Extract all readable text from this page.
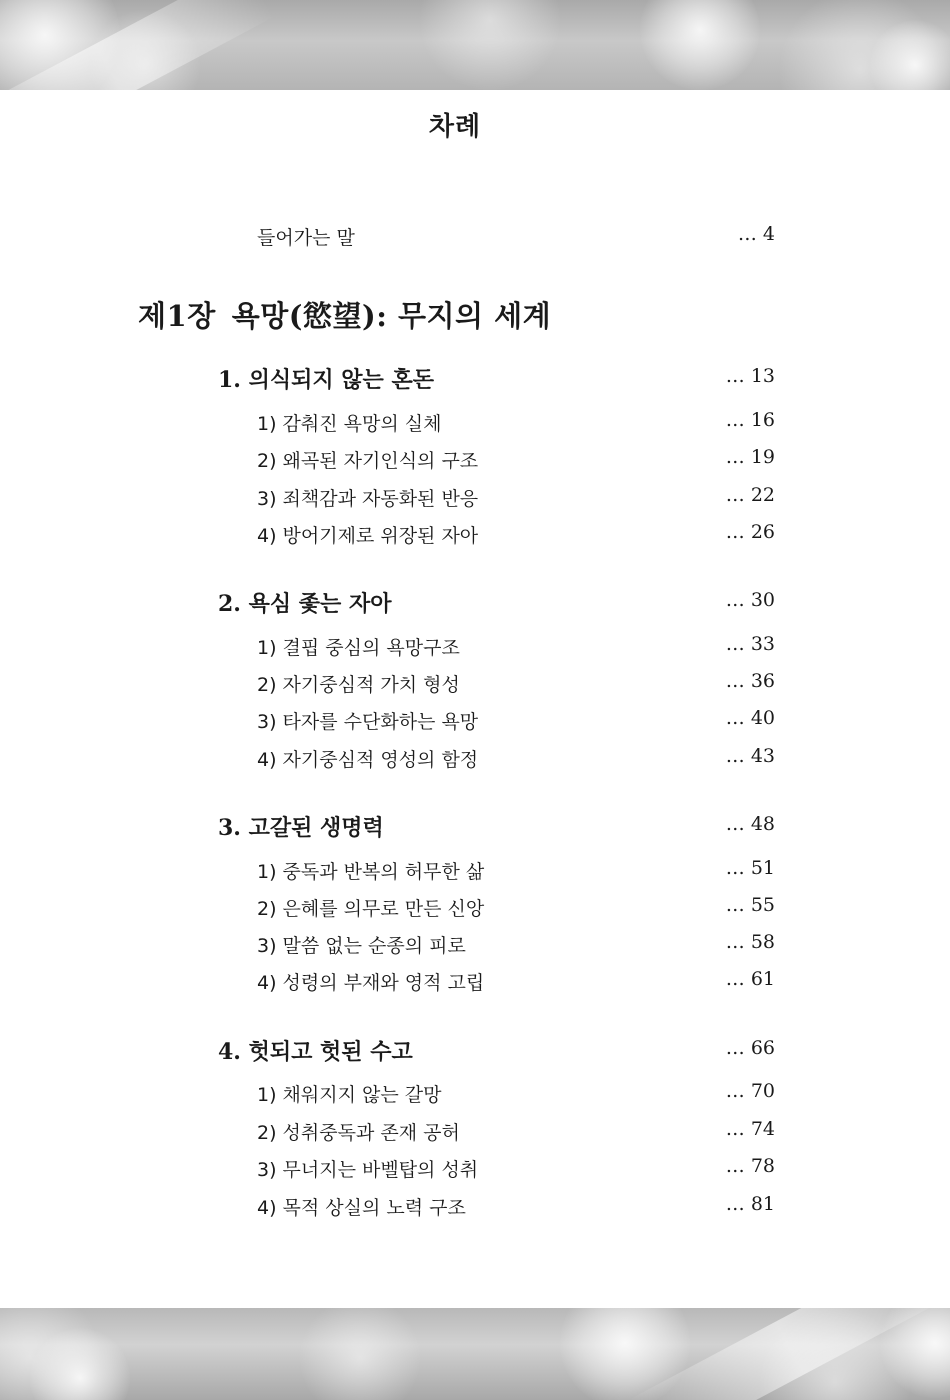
차례
들어가는 말	… 4
제1장 욕망(慾望): 무지의 세계
1. 의식되지 않는 혼돈	… 13
1) 감춰진 욕망의 실체	… 16
2) 왜곡된 자기인식의 구조	… 19
3) 죄책감과 자동화된 반응	… 22
4) 방어기제로 위장된 자아	… 26
2. 욕심 좇는 자아	… 30
1) 결핍 중심의 욕망구조	… 33
2) 자기중심적 가치 형성	… 36
3) 타자를 수단화하는 욕망	… 40
4) 자기중심적 영성의 함정	… 43
3. 고갈된 생명력	… 48
1) 중독과 반복의 허무한 삶	… 51
2) 은혜를 의무로 만든 신앙	… 55
3) 말씀 없는 순종의 피로	… 58
4) 성령의 부재와 영적 고립	… 61
4. 헛되고 헛된 수고	… 66
1) 채워지지 않는 갈망	… 70
2) 성취중독과 존재 공허	… 74
3) 무너지는 바벨탑의 성취	… 78
4) 목적 상실의 노력 구조	… 81
